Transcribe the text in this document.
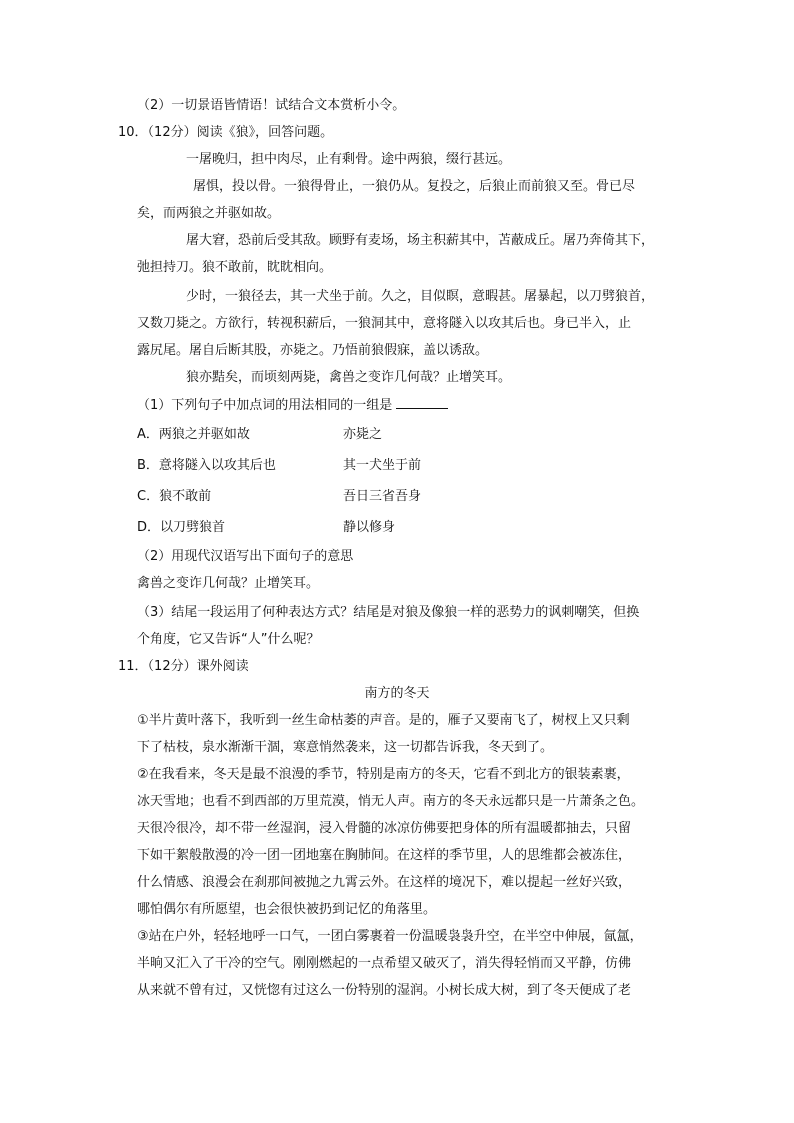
（2）一切景语皆情语！试结合文本赏析小令。
10．（12分）阅读《狼》，回答问题。
一屠晚归，担中肉尽，止有剩骨。途中两狼，缀行甚远。
屠惧，投以骨。一狼得骨止，一狼仍从。复投之，后狼止而前狼又至。骨已尽
矣，而两狼之并驱如故。
屠大窘，恐前后受其敌。顾野有麦场，场主积薪其中，苫蔽成丘。屠乃奔倚其下，
弛担持刀。狼不敢前，眈眈相向。
少时，一狼径去，其一犬坐于前。久之，目似瞑，意暇甚。屠暴起，以刀劈狼首，
又数刀毙之。方欲行，转视积薪后，一狼洞其中，意将隧入以攻其后也。身已半入，止
露尻尾。屠自后断其股，亦毙之。乃悟前狼假寐，盖以诱敌。
狼亦黠矣，而顷刻两毙，禽兽之变诈几何哉？止增笑耳。
（1）下列句子中加点词的用法相同的一组是
A．两狼之并驱如故	亦毙之
B．意将隧入以攻其后也	其一犬坐于前
C．狼不敢前	吾日三省吾身
D．以刀劈狼首	静以修身
（2）用现代汉语写出下面句子的意思
禽兽之变诈几何哉？止增笑耳。
（3）结尾一段运用了何种表达方式？结尾是对狼及像狼一样的恶势力的讽刺嘲笑，但换
个角度，它又告诉“人”什么呢？
11．（12分）课外阅读
南方的冬天
①半片黄叶落下，我听到一丝生命枯萎的声音。是的，雁子又要南飞了，树杈上又只剩
下了枯枝，泉水渐渐干涸，寒意悄然袭来，这一切都告诉我，冬天到了。
②在我看来，冬天是最不浪漫的季节，特别是南方的冬天，它看不到北方的银装素裹，
冰天雪地；也看不到西部的万里荒漠，悄无人声。南方的冬天永远都只是一片萧条之色。
天很冷很冷，却不带一丝湿润，浸入骨髓的冰凉仿佛要把身体的所有温暖都抽去，只留
下如干絮般散漫的冷一团一团地塞在胸肺间。在这样的季节里，人的思维都会被冻住，
什么情感、浪漫会在刹那间被抛之九霄云外。在这样的境况下，难以提起一丝好兴致，
哪怕偶尔有所愿望，也会很快被扔到记忆的角落里。
③站在户外，轻轻地呼一口气，一团白雾裹着一份温暖袅袅升空，在半空中伸展，氤氲，
半晌又汇入了干冷的空气。刚刚燃起的一点希望又破灭了，消失得轻悄而又平静，仿佛
从来就不曾有过，又恍惚有过这么一份特别的湿润。小树长成大树，到了冬天便成了老
